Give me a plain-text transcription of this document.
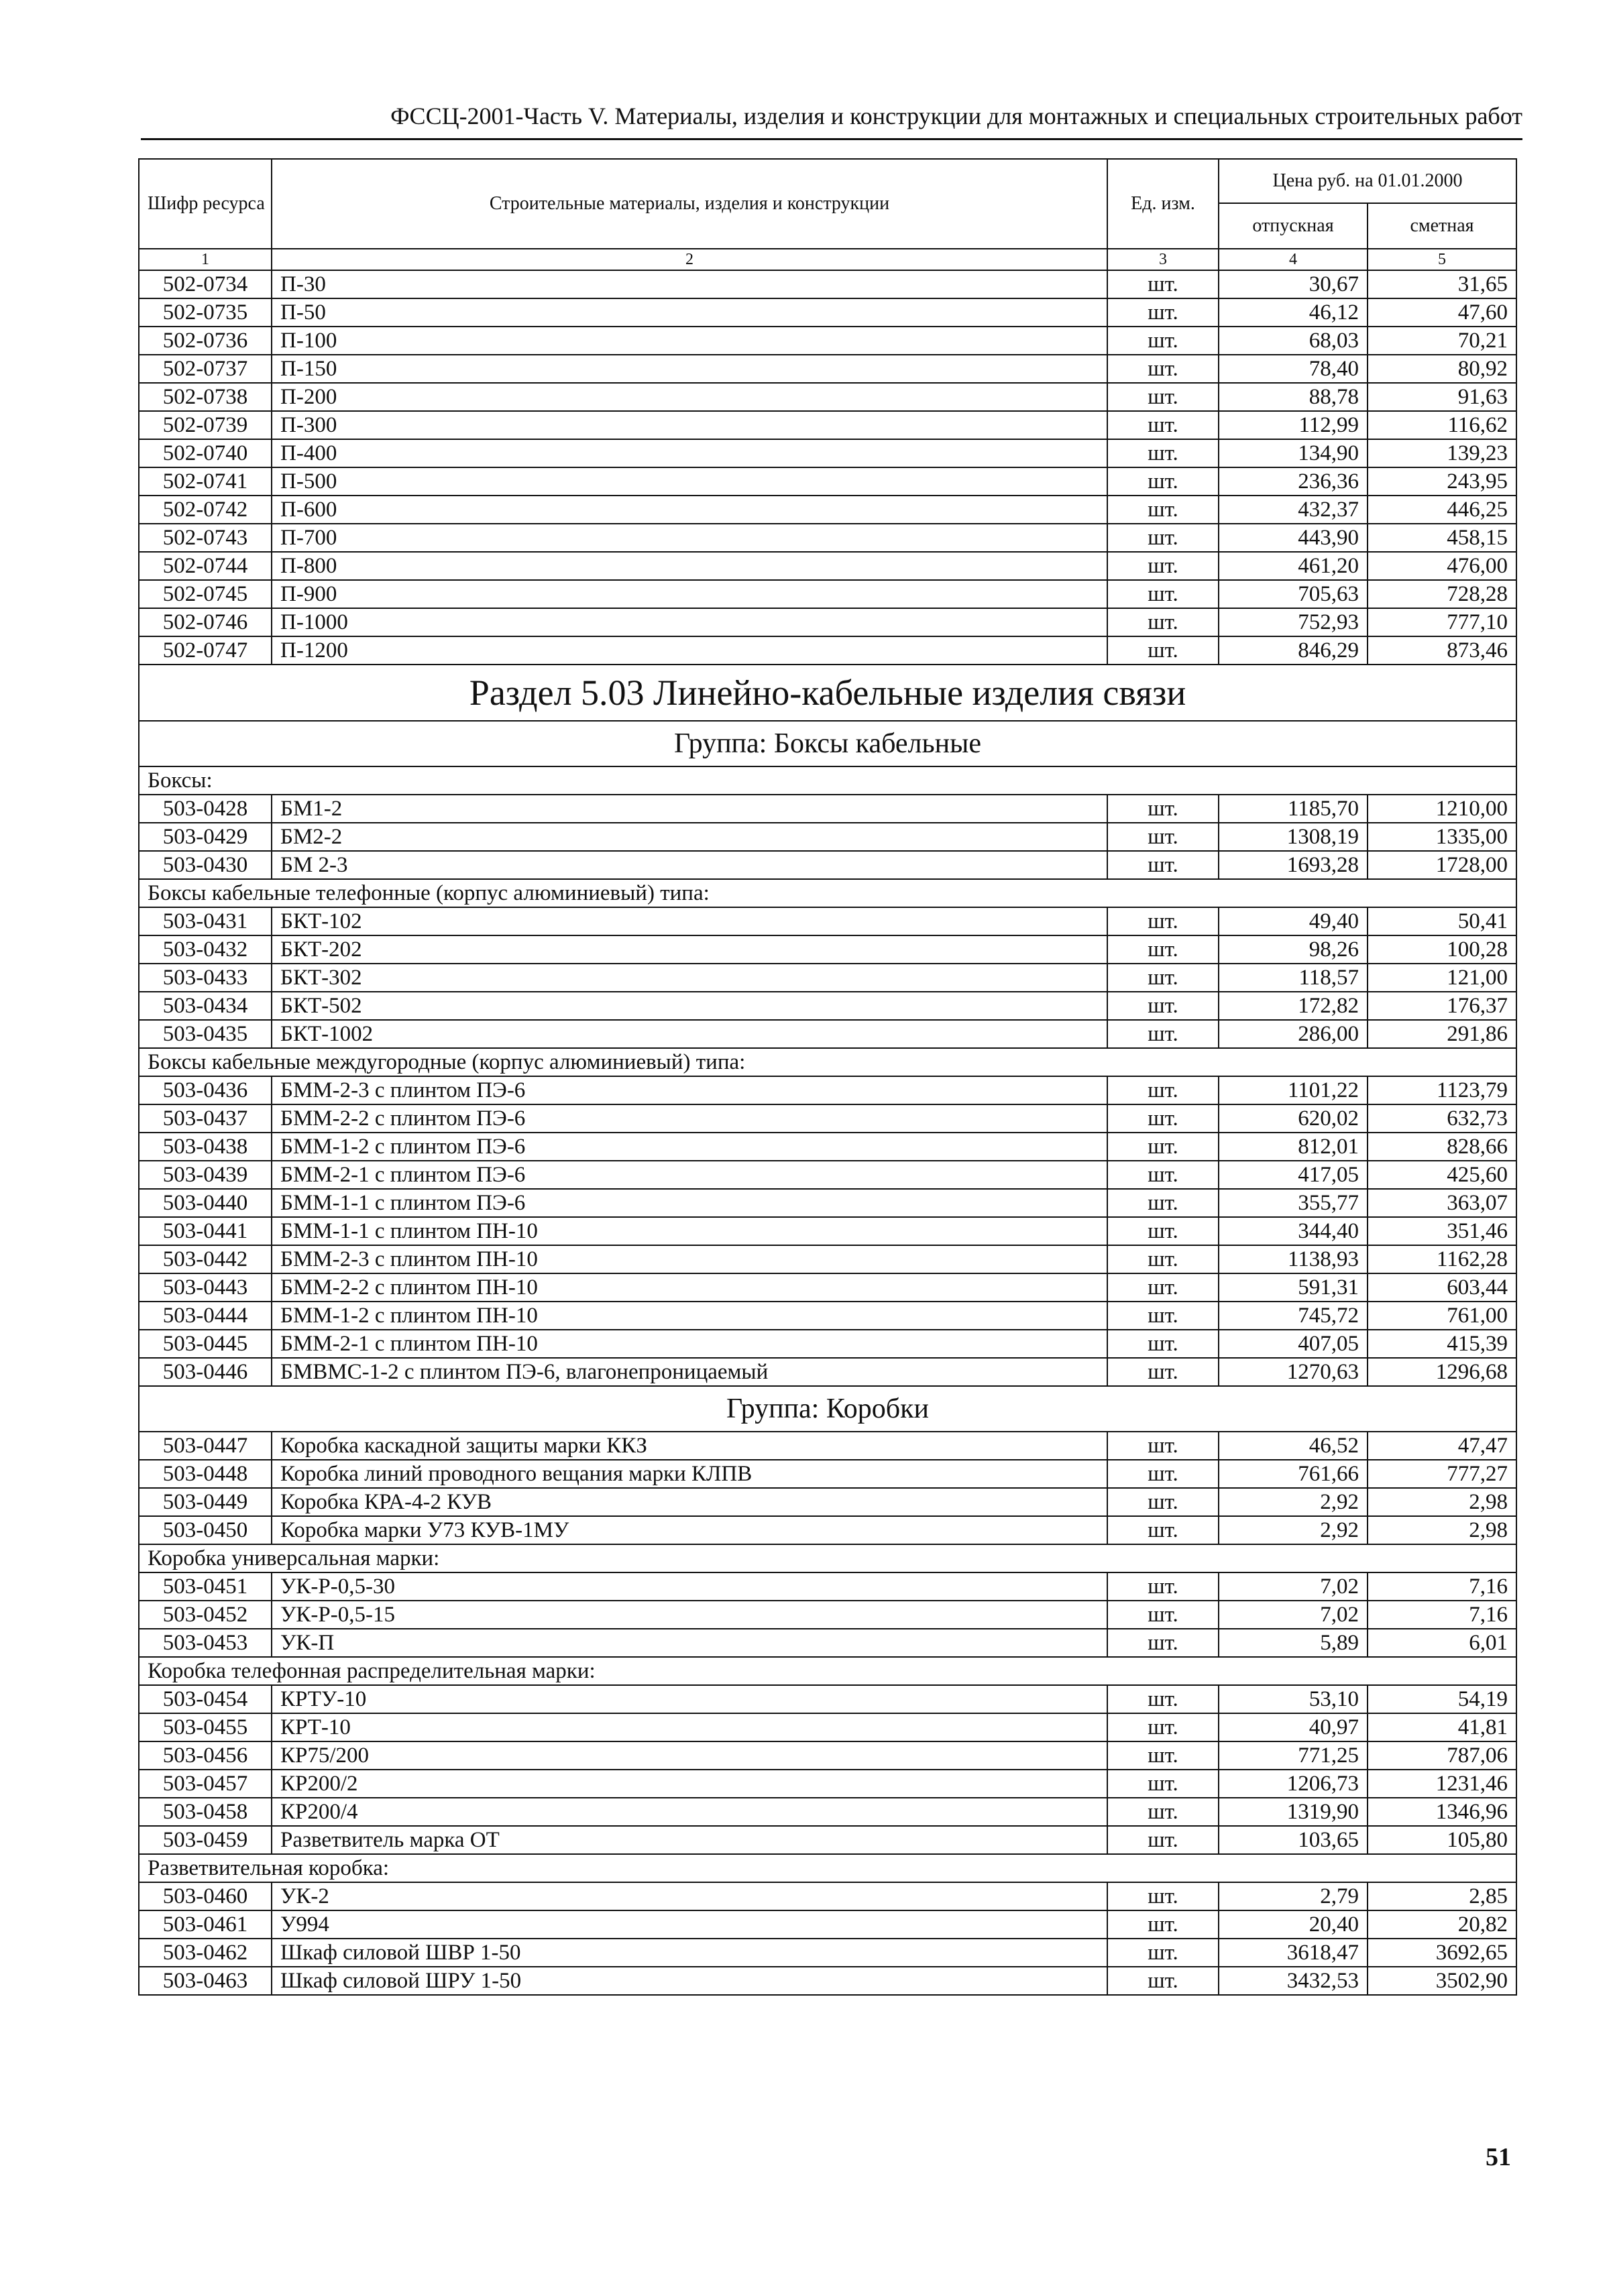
ФССЦ-2001-Часть V. Материалы, изделия и конструкции для монтажных и специальных строительных работ
Шифр ресурса	Строительные материалы, изделия и конструкции	Ед. изм.	Цена руб. на 01.01.2000	
			отпускная	сметная
1	2	3	4	5
502-0734	П-30	шт.	30,67	31,65
502-0735	П-50	шт.	46,12	47,60
502-0736	П-100	шт.	68,03	70,21
502-0737	П-150	шт.	78,40	80,92
502-0738	П-200	шт.	88,78	91,63
502-0739	П-300	шт.	112,99	116,62
502-0740	П-400	шт.	134,90	139,23
502-0741	П-500	шт.	236,36	243,95
502-0742	П-600	шт.	432,37	446,25
502-0743	П-700	шт.	443,90	458,15
502-0744	П-800	шт.	461,20	476,00
502-0745	П-900	шт.	705,63	728,28
502-0746	П-1000	шт.	752,93	777,10
502-0747	П-1200	шт.	846,29	873,46
Раздел 5.03 Линейно-кабельные изделия связи				
Группа: Боксы кабельные				
Боксы:				
503-0428	БМ1-2	шт.	1185,70	1210,00
503-0429	БМ2-2	шт.	1308,19	1335,00
503-0430	БМ 2-3	шт.	1693,28	1728,00
Боксы кабельные телефонные (корпус алюминиевый) типа:				
503-0431	БКТ-102	шт.	49,40	50,41
503-0432	БКТ-202	шт.	98,26	100,28
503-0433	БКТ-302	шт.	118,57	121,00
503-0434	БКТ-502	шт.	172,82	176,37
503-0435	БКТ-1002	шт.	286,00	291,86
Боксы кабельные междугородные (корпус алюминиевый) типа:				
503-0436	БММ-2-3 с плинтом ПЭ-6	шт.	1101,22	1123,79
503-0437	БММ-2-2 с плинтом ПЭ-6	шт.	620,02	632,73
503-0438	БММ-1-2 с плинтом ПЭ-6	шт.	812,01	828,66
503-0439	БММ-2-1 с плинтом ПЭ-6	шт.	417,05	425,60
503-0440	БММ-1-1 с плинтом ПЭ-6	шт.	355,77	363,07
503-0441	БММ-1-1 с плинтом ПН-10	шт.	344,40	351,46
503-0442	БММ-2-3 с плинтом ПН-10	шт.	1138,93	1162,28
503-0443	БММ-2-2 с плинтом ПН-10	шт.	591,31	603,44
503-0444	БММ-1-2 с плинтом ПН-10	шт.	745,72	761,00
503-0445	БММ-2-1 с плинтом ПН-10	шт.	407,05	415,39
503-0446	БМВМС-1-2 с плинтом ПЭ-6, влагонепроницаемый	шт.	1270,63	1296,68
Группа: Коробки				
503-0447	Коробка каскадной защиты марки ККЗ	шт.	46,52	47,47
503-0448	Коробка линий проводного вещания марки КЛПВ	шт.	761,66	777,27
503-0449	Коробка КРА-4-2 КУВ	шт.	2,92	2,98
503-0450	Коробка марки У73 КУВ-1МУ	шт.	2,92	2,98
Коробка универсальная марки:				
503-0451	УК-Р-0,5-30	шт.	7,02	7,16
503-0452	УК-Р-0,5-15	шт.	7,02	7,16
503-0453	УК-П	шт.	5,89	6,01
Коробка телефонная распределительная марки:				
503-0454	КРТУ-10	шт.	53,10	54,19
503-0455	КРТ-10	шт.	40,97	41,81
503-0456	КР75/200	шт.	771,25	787,06
503-0457	КР200/2	шт.	1206,73	1231,46
503-0458	КР200/4	шт.	1319,90	1346,96
503-0459	Разветвитель марка ОТ	шт.	103,65	105,80
Разветвительная коробка:				
503-0460	УК-2	шт.	2,79	2,85
503-0461	У994	шт.	20,40	20,82
503-0462	Шкаф силовой ШВР 1-50	шт.	3618,47	3692,65
503-0463	Шкаф силовой ШРУ 1-50	шт.	3432,53	3502,90
51
